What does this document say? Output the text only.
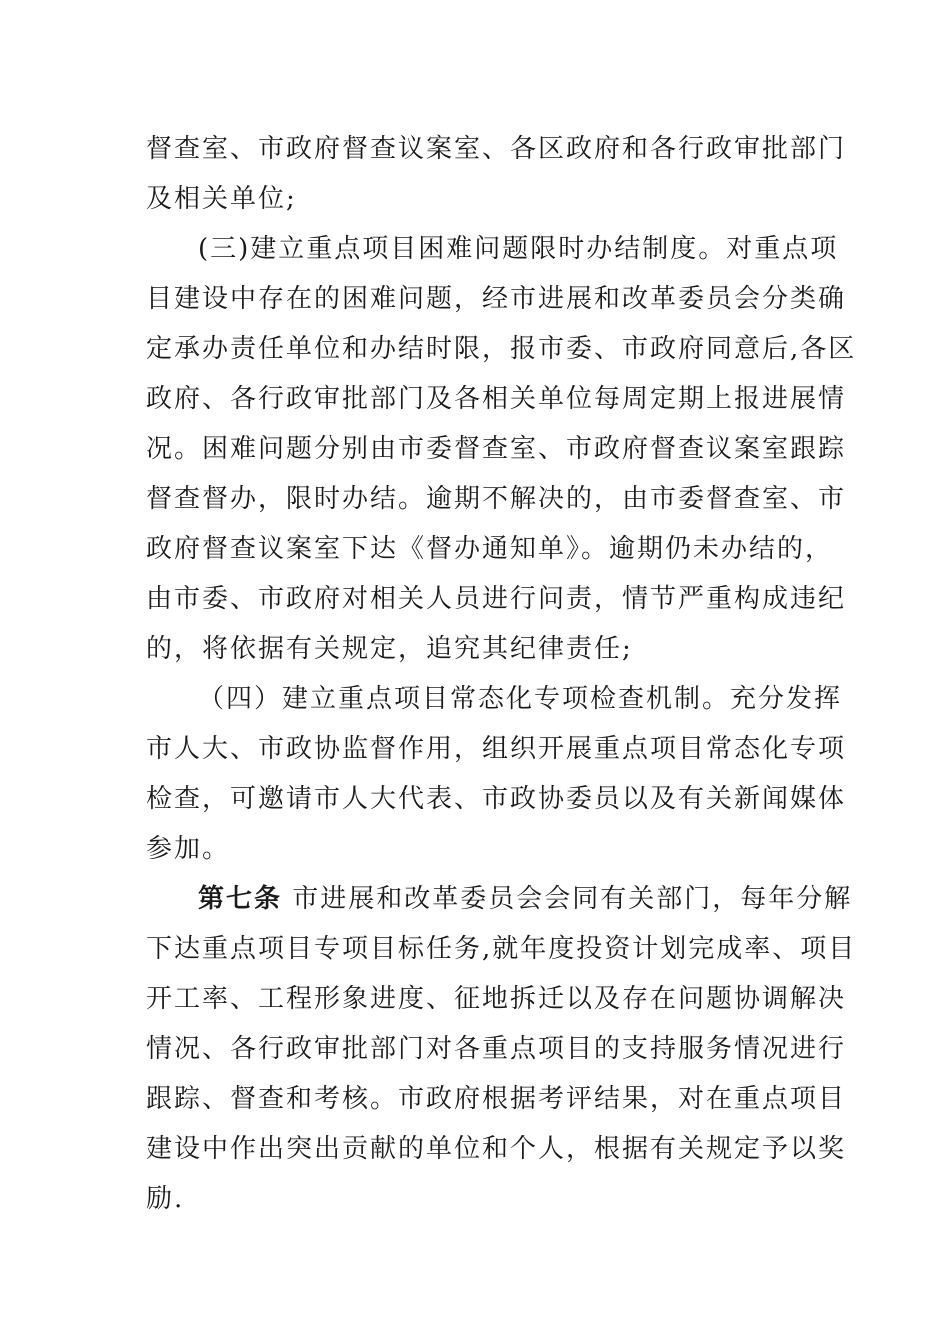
督查室、市政府督查议案室、各区政府和各行政审批部门
及相关单位;
(三)建立重点项目困难问题限时办结制度。对重点项
目建设中存在的困难问题，经市进展和改革委员会分类确
定承办责任单位和办结时限，报市委、市政府同意后,各区
政府、各行政审批部门及各相关单位每周定期上报进展情
况。困难问题分别由市委督查室、市政府督查议案室跟踪
督查督办，限时办结。逾期不解决的，由市委督查室、市
政府督查议案室下达《督办通知单》。逾期仍未办结的，
由市委、市政府对相关人员进行问责，情节严重构成违纪
的，将依据有关规定，追究其纪律责任;
（四）建立重点项目常态化专项检查机制。充分发挥
市人大、市政协监督作用，组织开展重点项目常态化专项
检查，可邀请市人大代表、市政协委员以及有关新闻媒体
参加。
第七条 市进展和改革委员会会同有关部门，每年分解
下达重点项目专项目标任务,就年度投资计划完成率、项目
开工率、工程形象进度、征地拆迁以及存在问题协调解决
情况、各行政审批部门对各重点项目的支持服务情况进行
跟踪、督查和考核。市政府根据考评结果，对在重点项目
建设中作出突出贡献的单位和个人，根据有关规定予以奖
励.
